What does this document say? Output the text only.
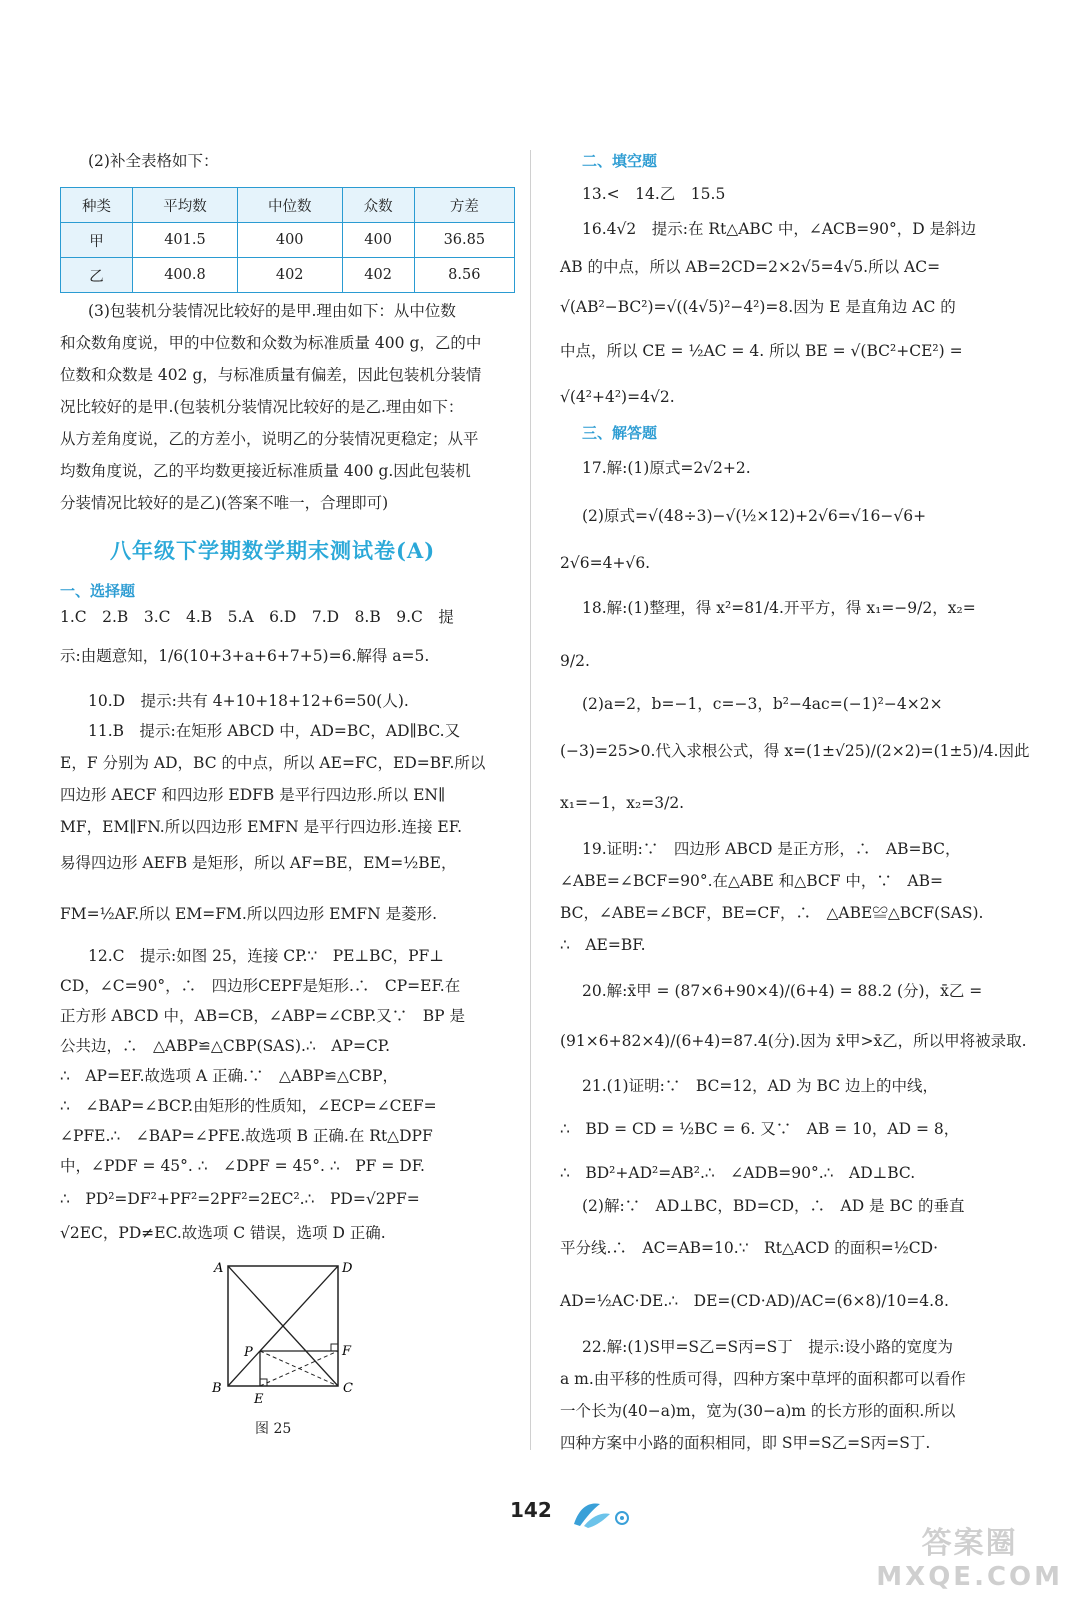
(2)补全表格如下：
种类	平均数	中位数	众数	方差
甲	401.5	400	400	36.85
乙	400.8	402	402	8.56
(3)包装机分装情况比较好的是甲.理由如下：从中位数
和众数角度说，甲的中位数和众数为标准质量 400 g，乙的中
位数和众数是 402 g，与标准质量有偏差，因此包装机分装情
况比较好的是甲.(包装机分装情况比较好的是乙.理由如下：
从方差角度说，乙的方差小，说明乙的分装情况更稳定；从平
均数角度说，乙的平均数更接近标准质量 400 g.因此包装机
分装情况比较好的是乙)(答案不唯一，合理即可)
八年级下学期数学期末测试卷(A)
一、选择题
1.C　2.B　3.C　4.B　5.A　6.D　7.D　8.B　9.C　提
示:由题意知，1/6(10+3+a+6+7+5)=6.解得 a=5.
10.D　提示:共有 4+10+18+12+6=50(人).
11.B　提示:在矩形 ABCD 中，AD=BC，AD∥BC.又
E，F 分别为 AD，BC 的中点，所以 AE=FC，ED=BF.所以
四边形 AECF 和四边形 EDFB 是平行四边形.所以 EN∥
MF，EM∥FN.所以四边形 EMFN 是平行四边形.连接 EF.
易得四边形 AEFB 是矩形，所以 AF=BE，EM=½BE，
FM=½AF.所以 EM=FM.所以四边形 EMFN 是菱形.
12.C　提示:如图 25，连接 CP.∵　PE⊥BC，PF⊥
CD，∠C=90°，∴　四边形CEPF是矩形.∴　CP=EF.在
正方形 ABCD 中，AB=CB，∠ABP=∠CBP.又∵　BP 是
公共边，∴　△ABP≌△CBP(SAS).∴　AP=CP.
∴　AP=EF.故选项 A 正确.∵　△ABP≌△CBP，
∴　∠BAP=∠BCP.由矩形的性质知，∠ECP=∠CEF=
∠PFE.∴　∠BAP=∠PFE.故选项 B 正确.在 Rt△DPF
中，∠PDF = 45°. ∴　∠DPF = 45°. ∴　PF = DF.
∴　PD²=DF²+PF²=2PF²=2EC².∴　PD=√2PF=
√2EC，PD≠EC.故选项 C 错误，选项 D 正确.
A	D
B	C
E
F
P
图 25
二、填空题
13.<　14.乙　15.5
16.4√2　提示:在 Rt△ABC 中，∠ACB=90°，D 是斜边
AB 的中点，所以 AB=2CD=2×2√5=4√5.所以 AC=
√(AB²−BC²)=√((4√5)²−4²)=8.因为 E 是直角边 AC 的
中点，所以 CE = ½AC = 4. 所以 BE = √(BC²+CE²) =
√(4²+4²)=4√2.
三、解答题
17.解:(1)原式=2√2+2.
(2)原式=√(48÷3)−√(½×12)+2√6=√16−√6+
2√6=4+√6.
18.解:(1)整理，得 x²=81/4.开平方，得 x₁=−9/2，x₂=
9/2.
(2)a=2，b=−1，c=−3，b²−4ac=(−1)²−4×2×
(−3)=25>0.代入求根公式，得 x=(1±√25)/(2×2)=(1±5)/4.因此
x₁=−1，x₂=3/2.
19.证明:∵　四边形 ABCD 是正方形，∴　AB=BC，
∠ABE=∠BCF=90°.在△ABE 和△BCF 中，∵　AB=
BC，∠ABE=∠BCF，BE=CF，∴　△ABE≌△BCF(SAS).
∴　AE=BF.
20.解:x̄甲 = (87×6+90×4)/(6+4) = 88.2 (分)，x̄乙 =
(91×6+82×4)/(6+4)=87.4(分).因为 x̄甲>x̄乙，所以甲将被录取.
21.(1)证明:∵　BC=12，AD 为 BC 边上的中线，
∴　BD = CD = ½BC = 6. 又∵　AB = 10，AD = 8，
∴　BD²+AD²=AB².∴　∠ADB=90°.∴　AD⊥BC.
(2)解:∵　AD⊥BC，BD=CD，∴　AD 是 BC 的垂直
平分线.∴　AC=AB=10.∵　Rt△ACD 的面积=½CD·
AD=½AC·DE.∴　DE=(CD·AD)/AC=(6×8)/10=4.8.
22.解:(1)S甲=S乙=S丙=S丁　提示:设小路的宽度为
a m.由平移的性质可得，四种方案中草坪的面积都可以看作
一个长为(40−a)m，宽为(30−a)m 的长方形的面积.所以
四种方案中小路的面积相同，即 S甲=S乙=S丙=S丁.
142
答案圈
MXQE.COM
